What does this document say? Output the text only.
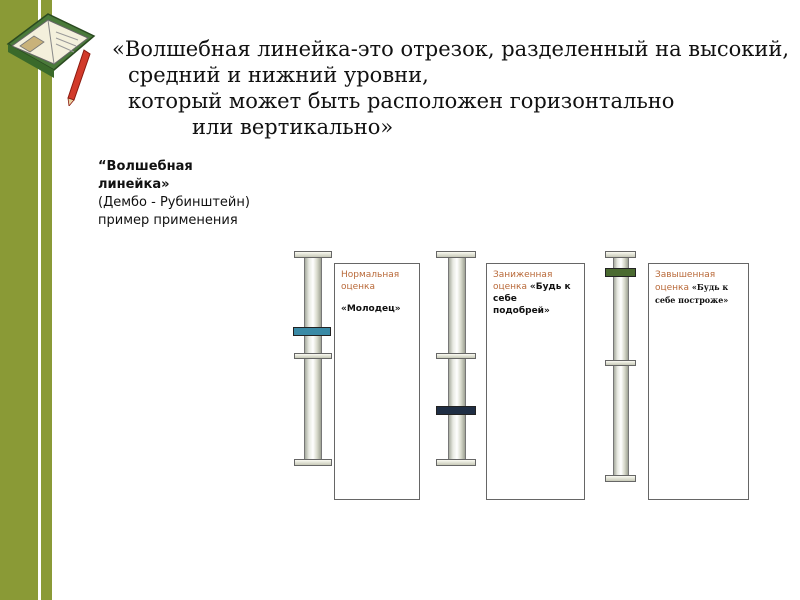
«Волшебная линейка-это отрезок, разделенный на высокий,
средний и нижний уровни,
который может быть расположен горизонтально
или вертикально»
“Волшебная
линейка»
(Дембо - Рубинштейн)
пример применения
Нормальная
оценка
«Молодец»
Заниженная оценка «Будь к
себе
подобрей»
Завышенная
оценка «Будь к
себе построже»
